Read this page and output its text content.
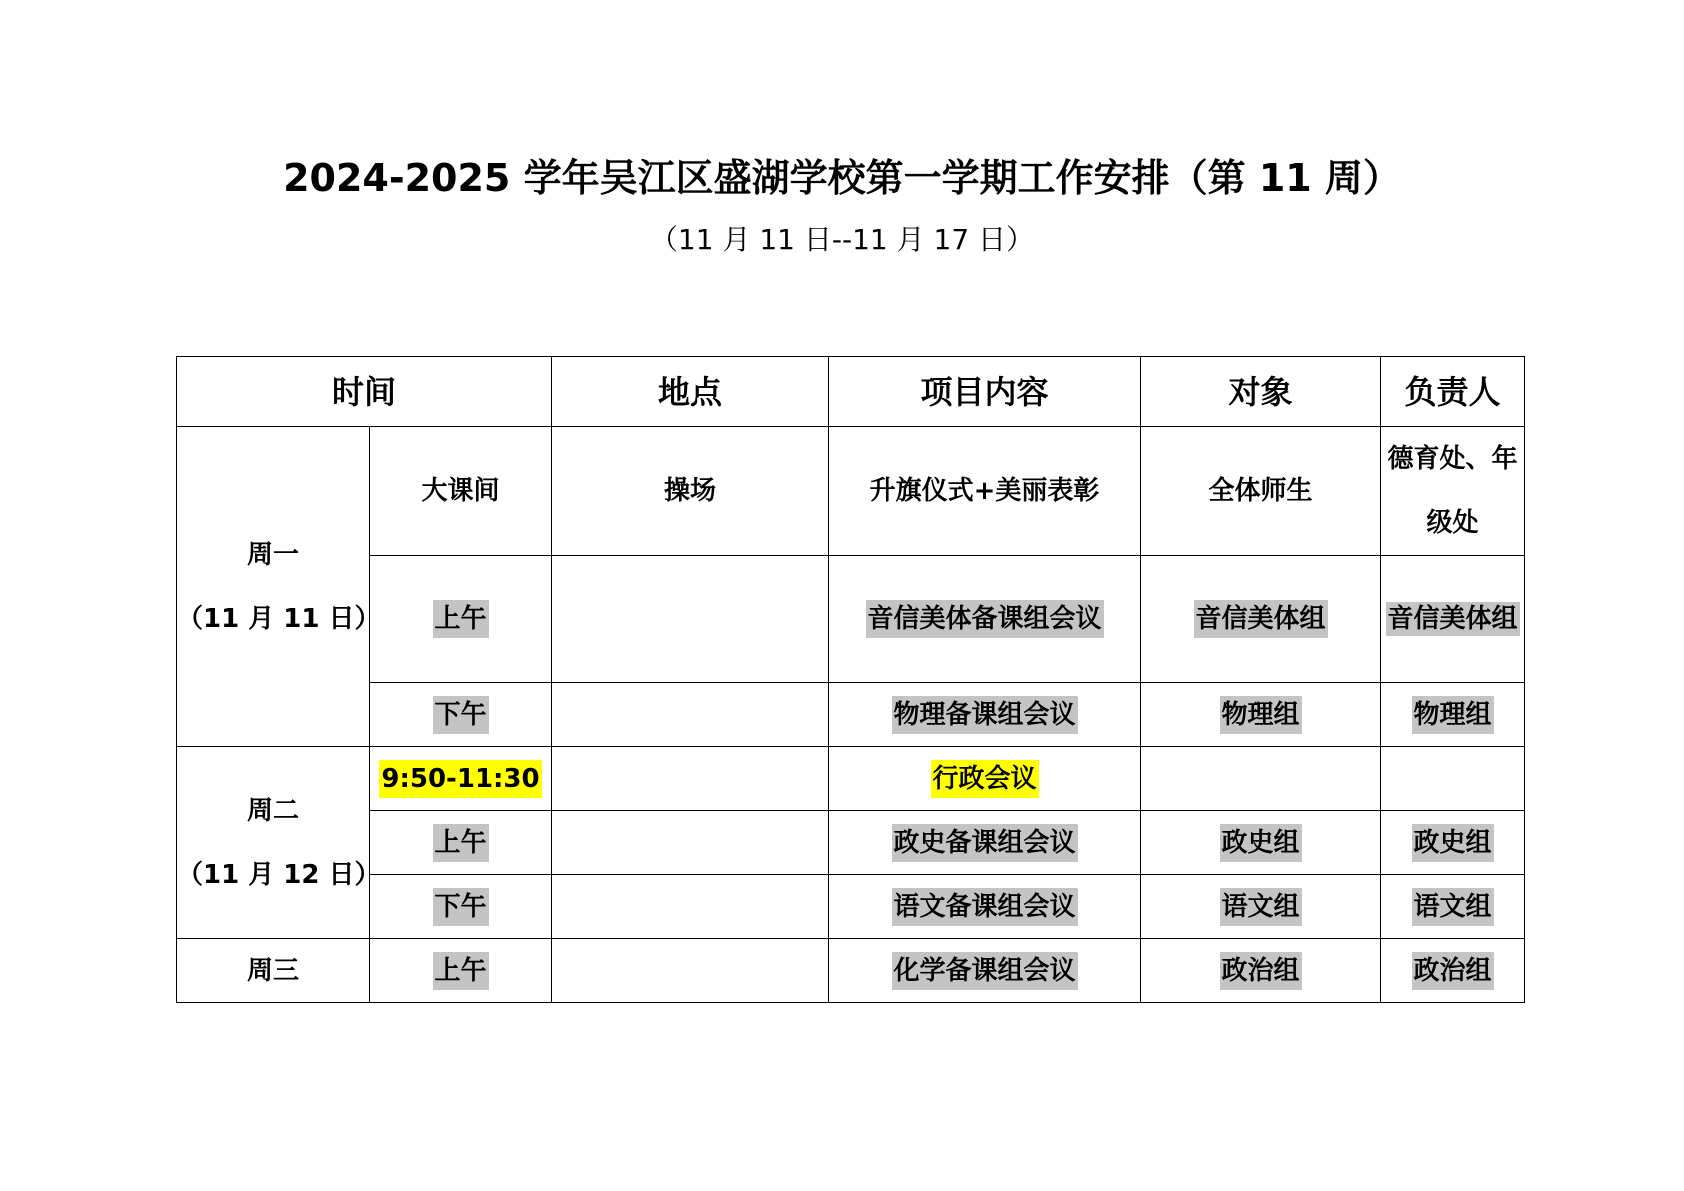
2024-2025 学年吴江区盛湖学校第一学期工作安排（第 11 周）
（11 月 11 日--11 月 17 日）
时间		地点	项目内容	对象	负责人

周一
（11 月 11 日）	大课间	操场	升旗仪式+美丽表彰	全体师生	德育处、年级处
	上午		音信美体备课组会议	音信美体组	音信美体组
	下午		物理备课组会议	物理组	物理组

周二
（11 月 12 日）	9:50-11:30		行政会议		
	上午		政史备课组会议	政史组	政史组
	下午		语文备课组会议	语文组	语文组

周三	上午		化学备课组会议	政治组	政治组
